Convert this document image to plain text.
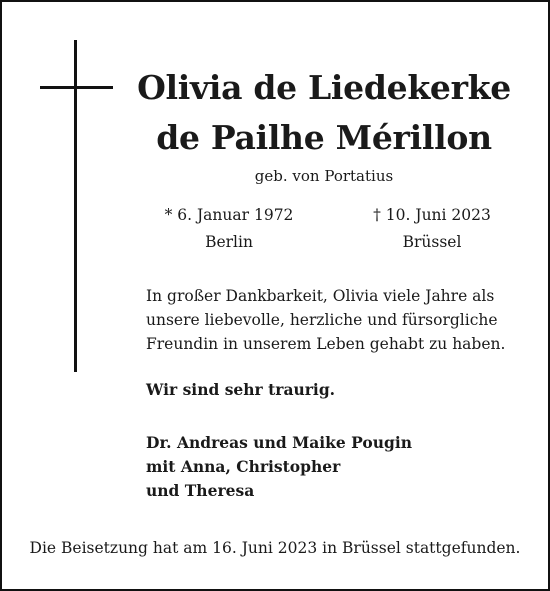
Olivia de Liedekerke
de Pailhe Mérillon
geb. von Portatius
* 6. Januar 1972
Berlin
† 10. Juni 2023
Brüssel
In großer Dankbarkeit, Olivia viele Jahre als
unsere liebevolle, herzliche und fürsorgliche
Freundin in unserem Leben gehabt zu haben.
Wir sind sehr traurig.
Dr. Andreas und Maike Pougin
mit Anna, Christopher
und Theresa
Die Beisetzung hat am 16. Juni 2023 in Brüssel stattgefunden.
